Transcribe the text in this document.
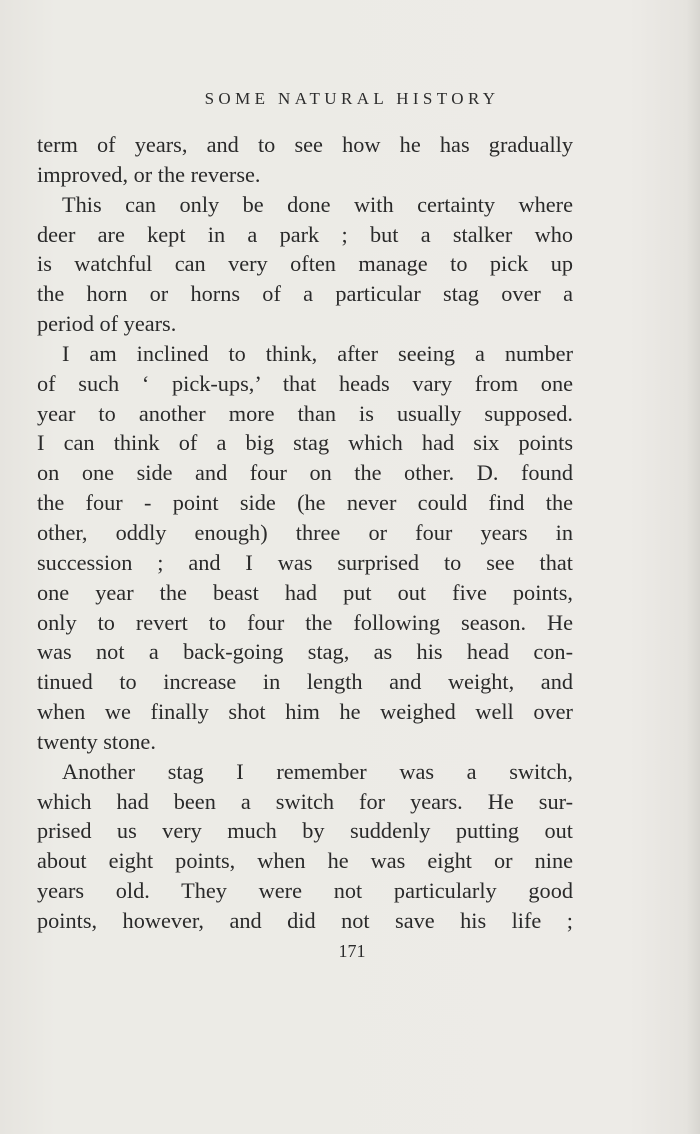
SOME NATURAL HISTORY
term of years, and to see how he has gradually
improved, or the reverse.
This can only be done with certainty where
deer are kept in a park ; but a stalker who
is watchful can very often manage to pick up
the horn or horns of a particular stag over a
period of years.
I am inclined to think, after seeing a number
of such ‘ pick-ups,’ that heads vary from one
year to another more than is usually supposed.
I can think of a big stag which had six points
on one side and four on the other. D. found
the four - point side (he never could find the
other, oddly enough) three or four years in
succession ; and I was surprised to see that
one year the beast had put out five points,
only to revert to four the following season. He
was not a back-going stag, as his head con-
tinued to increase in length and weight, and
when we finally shot him he weighed well over
twenty stone.
Another stag I remember was a switch,
which had been a switch for years. He sur-
prised us very much by suddenly putting out
about eight points, when he was eight or nine
years old. They were not particularly good
points, however, and did not save his life ;
171
